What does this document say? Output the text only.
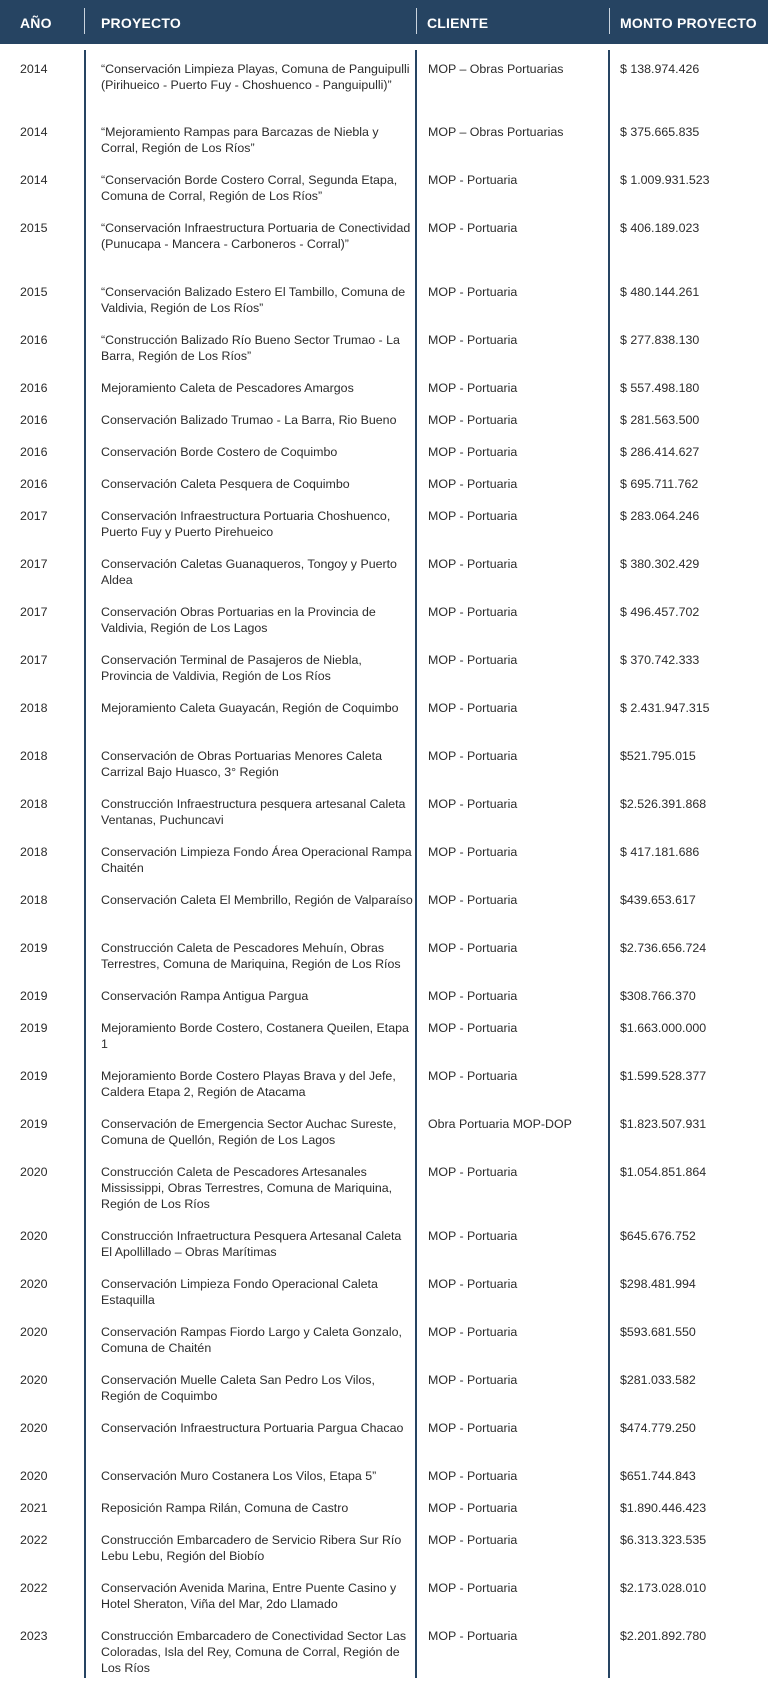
AÑO	PROYECTO	CLIENTE	MONTO PROYECTO
2014	“Conservación Limpieza Playas, Comuna de Panguipulli (Pirihueico - Puerto Fuy - Choshuenco - Panguipulli)”
MOP – Obras Portuarias	$ 138.974.426
2014	“Mejoramiento Rampas para Barcazas de Niebla y Corral, Región de Los Ríos”
MOP – Obras Portuarias	$ 375.665.835
2014	“Conservación Borde Costero Corral, Segunda Etapa, Comuna de Corral, Región de Los Ríos”
MOP - Portuaria	$ 1.009.931.523
2015	“Conservación Infraestructura Portuaria de Conectividad (Punucapa - Mancera - Carboneros - Corral)”
MOP - Portuaria	$ 406.189.023
2015	“Conservación Balizado Estero El Tambillo, Comuna de Valdivia, Región de Los Ríos”
MOP - Portuaria	$ 480.144.261
2016	“Construcción Balizado Río Bueno Sector Trumao - La Barra, Región de Los Ríos”
MOP - Portuaria	$ 277.838.130
2016	Mejoramiento Caleta de Pescadores Amargos	MOP - Portuaria	$ 557.498.180
2016	Conservación Balizado Trumao - La Barra, Rio Bueno	MOP - Portuaria	$ 281.563.500
2016	Conservación Borde Costero de Coquimbo	MOP - Portuaria	$ 286.414.627
2016	Conservación Caleta Pesquera de Coquimbo	MOP - Portuaria	$ 695.711.762
2017	Conservación Infraestructura Portuaria Choshuenco, Puerto Fuy y Puerto Pirehueico
MOP - Portuaria	$ 283.064.246
2017	Conservación Caletas Guanaqueros, Tongoy y Puerto Aldea
MOP - Portuaria	$ 380.302.429
2017	Conservación Obras Portuarias en la Provincia de Valdivia, Región de Los Lagos
MOP - Portuaria	$ 496.457.702
2017	Conservación Terminal de Pasajeros de Niebla, Provincia de Valdivia, Región de Los Ríos
MOP - Portuaria	$ 370.742.333
2018	Mejoramiento Caleta Guayacán, Región de Coquimbo	MOP - Portuaria	$ 2.431.947.315
2018	Conservación de Obras Portuarias Menores Caleta Carrizal Bajo Huasco, 3° Región
MOP - Portuaria	$521.795.015
2018	Construcción Infraestructura pesquera artesanal Caleta Ventanas, Puchuncavi
MOP - Portuaria	$2.526.391.868
2018	Conservación Limpieza Fondo Área Operacional Rampa Chaitén
MOP - Portuaria	$ 417.181.686
2018	Conservación Caleta El Membrillo, Región de Valparaíso MOP - Portuaria	$439.653.617
2019	Construcción Caleta de Pescadores Mehuín, Obras Terrestres, Comuna de Mariquina, Región de Los Ríos
MOP - Portuaria	$2.736.656.724
2019	Conservación Rampa Antigua Pargua	MOP - Portuaria	$308.766.370
2019	Mejoramiento Borde Costero, Costanera Queilen, Etapa 1
MOP - Portuaria	$1.663.000.000
2019	Mejoramiento Borde Costero Playas Brava y del Jefe, Caldera Etapa 2, Región de Atacama
MOP - Portuaria	$1.599.528.377
2019	Conservación de Emergencia Sector Auchac Sureste, Comuna de Quellón, Región de Los Lagos
Obra Portuaria MOP-DOP	$1.823.507.931
2020	Construcción Caleta de Pescadores Artesanales Mississippi, Obras Terrestres, Comuna de Mariquina, Región de Los Ríos
MOP - Portuaria	$1.054.851.864
2020	Construcción Infraetructura Pesquera Artesanal Caleta El Apollillado – Obras Marítimas
MOP - Portuaria	$645.676.752
2020	Conservación Limpieza Fondo Operacional Caleta Estaquilla
MOP - Portuaria	$298.481.994
2020	Conservación Rampas Fiordo Largo y Caleta Gonzalo, Comuna de Chaitén
MOP - Portuaria	$593.681.550
2020	Conservación Muelle Caleta San Pedro Los Vilos, Región de Coquimbo
MOP - Portuaria	$281.033.582
2020	Conservación Infraestructura Portuaria Pargua Chacao	MOP - Portuaria	$474.779.250
2020	Conservación Muro Costanera Los Vilos, Etapa 5”	MOP - Portuaria	$651.744.843
2021	Reposición Rampa Rilán, Comuna de Castro	MOP - Portuaria	$1.890.446.423
2022	Construcción Embarcadero de Servicio Ribera Sur Río Lebu Lebu, Región del Biobío
MOP - Portuaria	$6.313.323.535
2022	Conservación Avenida Marina, Entre Puente Casino y Hotel Sheraton, Viña del Mar, 2do Llamado
MOP - Portuaria	$2.173.028.010
2023	Construcción Embarcadero de Conectividad Sector Las Coloradas, Isla del Rey, Comuna de Corral, Región de Los Ríos
MOP - Portuaria	$2.201.892.780
